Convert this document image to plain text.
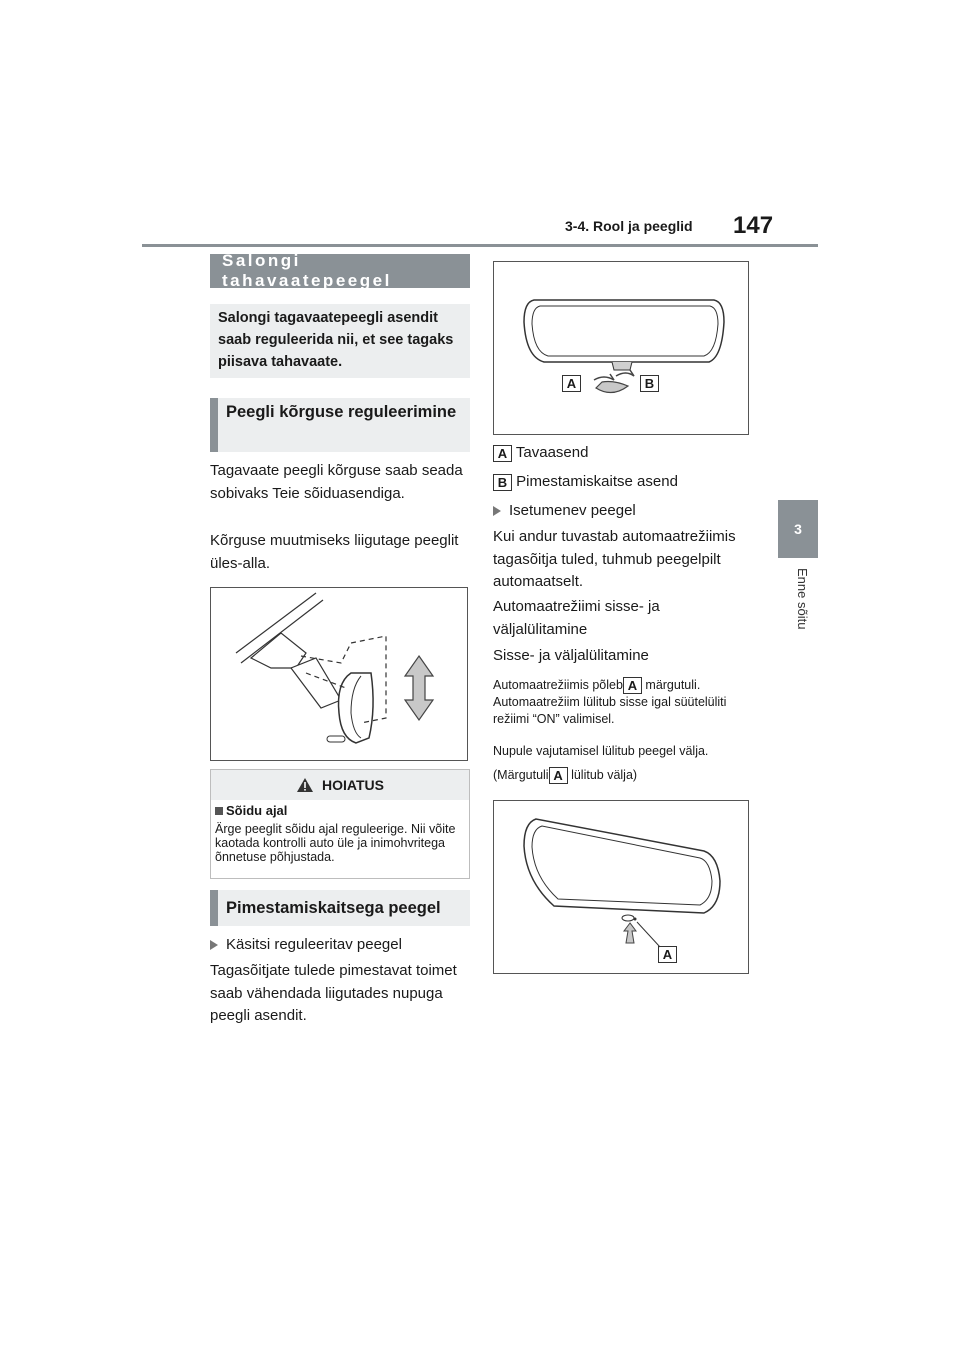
3-4. Rool ja peeglid 147
3
Enne sõitu
Salongi tahavaatepeegel
Salongi tagavaatepeegli asendit saab reguleerida nii, et see tagaks piisava tahavaate.
Peegli kõrguse reguleerimine
Tagavaate peegli kõrguse saab seada sobivaks Teie sõiduasendiga.
Kõrguse muutmiseks liigutage peeglit üles-alla.
HOIATUS
Sõidu ajal
Ärge peeglit sõidu ajal reguleerige. Nii võite kaotada kontrolli auto üle ja inimohvritega õnnetuse põhjustada.
Pimestamiskaitsega peegel
Käsitsi reguleeritav peegel
Tagasõitjate tulede pimestavat toimet saab vähendada liigutades nupuga peegli asendit.
A	B
A Tavaasend
B Pimestamiskaitse asend
Isetumenev peegel
Kui andur tuvastab automaatrežiimis tagasõitja tuled, tuhmub peegelpilt automaatselt.
Automaatrežiimi sisse- ja väljalülitamine
Sisse- ja väljalülitamine
Automaatrežiimis põleb A märgutuli. Automaatrežiim lülitub sisse igal süütelüliti režiimi “ON” valimisel.
Nupule vajutamisel lülitub peegel välja.
(Märgutuli A lülitub välja)
A
